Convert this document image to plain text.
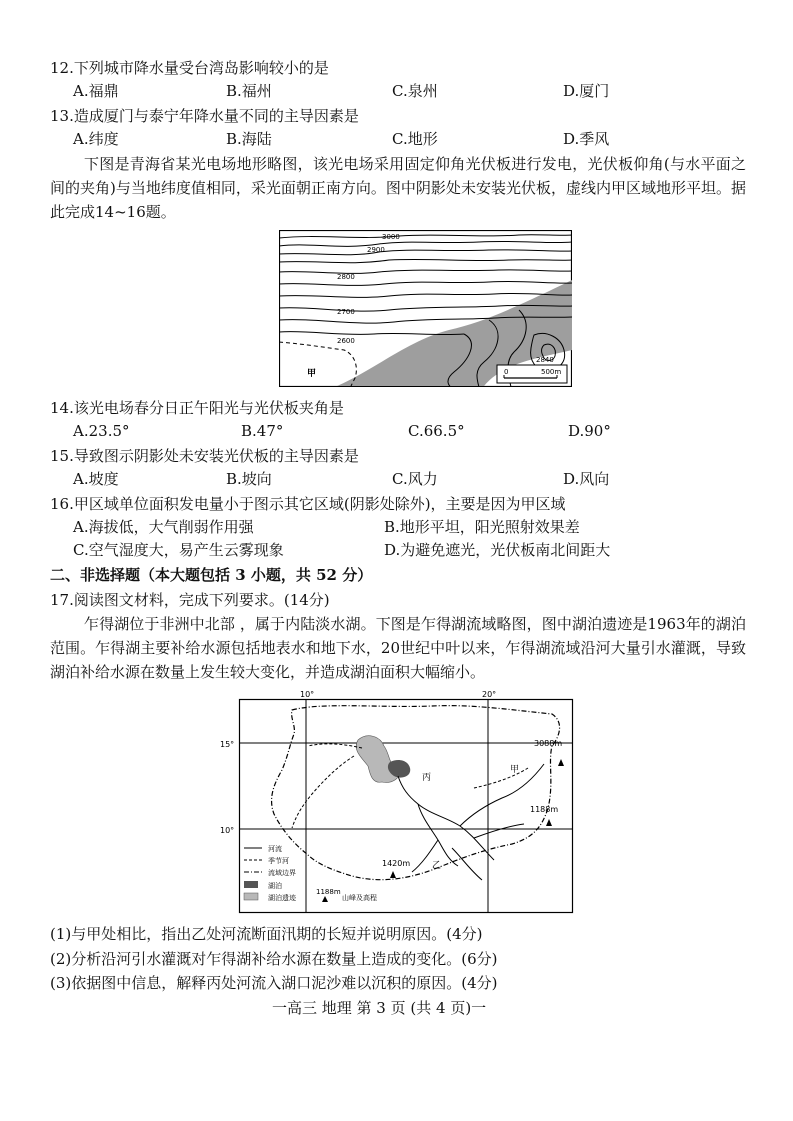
12.下列城市降水量受台湾岛影响较小的是
A.福鼎	B.福州	C.泉州	D.厦门
13.造成厦门与泰宁年降水量不同的主导因素是
A.纬度	B.海陆	C.地形	D.季风
下图是青海省某光电场地形略图，该光电场采用固定仰角光伏板进行发电，光伏板仰角(与水平面之间的夹角)与当地纬度值相同，采光面朝正南方向。图中阴影处未安装光伏板，虚线内甲区域地形平坦。据此完成14~16题。
3000
2900
2800
2700
2600
2840
甲	0	500m
14.该光电场春分日正午阳光与光伏板夹角是
A.23.5°	B.47°	C.66.5°	D.90°
15.导致图示阴影处未安装光伏板的主导因素是
A.坡度	B.坡向	C.风力	D.风向
16.甲区域单位面积发电量小于图示其它区域(阴影处除外)，主要是因为甲区域
A.海拔低，大气削弱作用强	B.地形平坦，阳光照射效果差
C.空气湿度大，易产生云雾现象	D.为避免遮光，光伏板南北间距大
二、非选择题（本大题包括 3 小题，共 52 分）
17.阅读图文材料，完成下列要求。(14分)
乍得湖位于非洲中北部 ，属于内陆淡水湖。下图是乍得湖流域略图，图中湖泊遗迹是1963年的湖泊范围。乍得湖主要补给水源包括地表水和地下水，20世纪中叶以来，乍得湖流域沿河大量引水灌溉，导致湖泊补给水源在数量上发生较大变化，并造成湖泊面积大幅缩小。
10°	20°
15°
10°
3088m
1188m
1420m
甲
乙
丙
河流
季节河
流域边界
湖泊
湖泊遗迹
1188m
山峰及高程
(1)与甲处相比，指出乙处河流断面汛期的长短并说明原因。(4分)
(2)分析沿河引水灌溉对乍得湖补给水源在数量上造成的变化。(6分)
(3)依据图中信息，解释丙处河流入湖口泥沙难以沉积的原因。(4分)
一高三 地理 第 3 页 (共 4 页)一
